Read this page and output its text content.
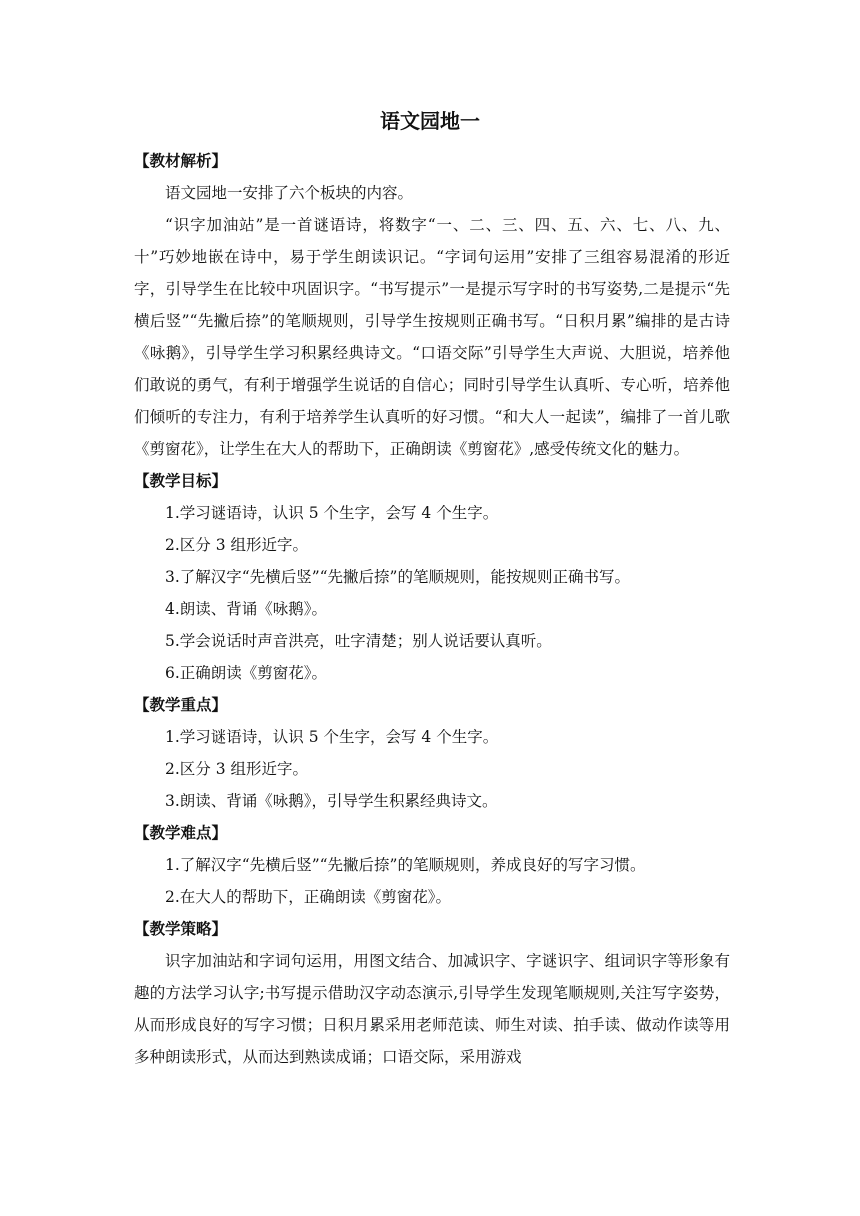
语文园地一
【教材解析】

语文园地一安排了六个板块的内容。

“识字加油站”是一首谜语诗，将数字“一、二、三、四、五、六、七、八、九、十”巧妙地嵌在诗中，易于学生朗读识记。“字词句运用”安排了三组容易混淆的形近字，引导学生在比较中巩固识字。“书写提示”一是提示写字时的书写姿势,二是提示“先横后竖”“先撇后捺”的笔顺规则，引导学生按规则正确书写。“日积月累”编排的是古诗《咏鹅》，引导学生学习积累经典诗文。“口语交际”引导学生大声说、大胆说，培养他们敢说的勇气，有利于增强学生说话的自信心；同时引导学生认真听、专心听，培养他们倾听的专注力，有利于培养学生认真听的好习惯。“和大人一起读”，编排了一首儿歌《剪窗花》，让学生在大人的帮助下，正确朗读《剪窗花》,感受传统文化的魅力。

【教学目标】

1.学习谜语诗，认识 5 个生字，会写 4 个生字。

2.区分 3 组形近字。

3.了解汉字“先横后竖”“先撇后捺”的笔顺规则，能按规则正确书写。

4.朗读、背诵《咏鹅》。

5.学会说话时声音洪亮，吐字清楚；别人说话要认真听。

6.正确朗读《剪窗花》。

【教学重点】

1.学习谜语诗，认识 5 个生字，会写 4 个生字。

2.区分 3 组形近字。

3.朗读、背诵《咏鹅》，引导学生积累经典诗文。

【教学难点】

1.了解汉字“先横后竖”“先撇后捺”的笔顺规则，养成良好的写字习惯。

2.在大人的帮助下，正确朗读《剪窗花》。

【教学策略】

识字加油站和字词句运用，用图文结合、加减识字、字谜识字、组词识字等形象有趣的方法学习认字;书写提示借助汉字动态演示,引导学生发现笔顺规则,关注写字姿势，从而形成良好的写字习惯；日积月累采用老师范读、师生对读、拍手读、做动作读等用多种朗读形式，从而达到熟读成诵；口语交际，采用游戏
